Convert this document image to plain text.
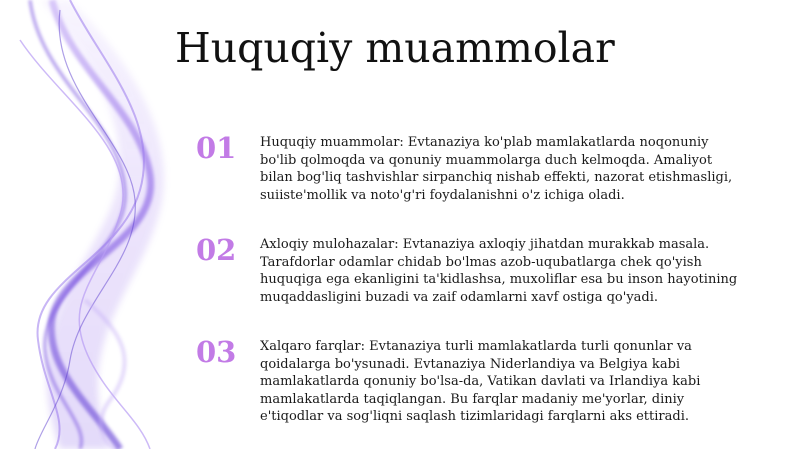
Huquqiy muammolar
01	Huquqiy muammolar: Evtanaziya ko'plab mamlakatlarda noqonuniy bo'lib qolmoqda va qonuniy muammolarga duch kelmoqda. Amaliyot bilan bog'liq tashvishlar sirpanchiq nishab effekti, nazorat etishmasligi, suiiste'mollik va noto'g'ri foydalanishni o'z ichiga oladi.

02	Axloqiy mulohazalar: Evtanaziya axloqiy jihatdan murakkab masala. Tarafdorlar odamlar chidab bo'lmas azob-uqubatlarga chek qo'yish huquqiga ega ekanligini ta'kidlashsa, muxoliflar esa bu inson hayotining muqaddasligini buzadi va zaif odamlarni xavf ostiga qo'yadi.

03	Xalqaro farqlar: Evtanaziya turli mamlakatlarda turli qonunlar va qoidalarga bo'ysunadi. Evtanaziya Niderlandiya va Belgiya kabi mamlakatlarda qonuniy bo'lsa-da, Vatikan davlati va Irlandiya kabi mamlakatlarda taqiqlangan. Bu farqlar madaniy me'yorlar, diniy e'tiqodlar va sog'liqni saqlash tizimlaridagi farqlarni aks ettiradi.
